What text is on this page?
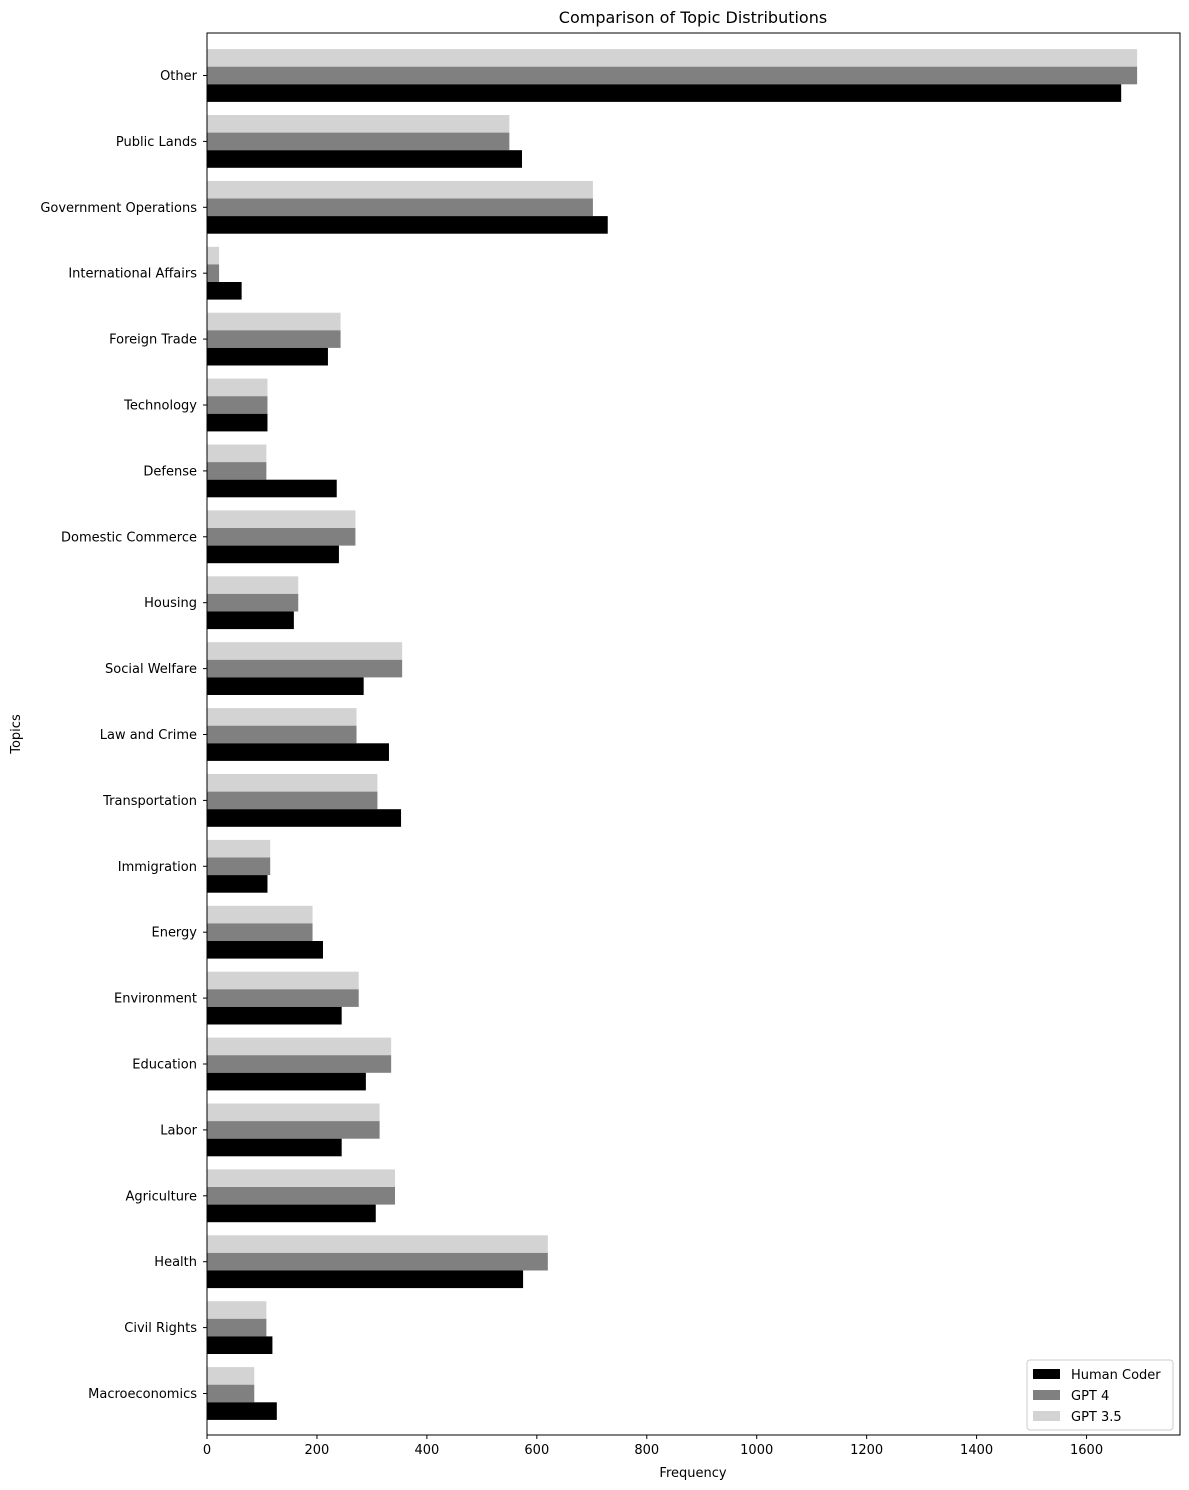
Comparison of Topic Distributions
0	200	400	600	800	1000	1200	1400	1600
Macroeconomics
Civil Rights
Health
Agriculture
Labor
Education
Environment
Energy
Immigration
Transportation
Law and Crime
Social Welfare
Housing
Domestic Commerce
Defense
Technology
Foreign Trade
International Affairs
Government Operations
Public Lands
Other
Frequency
Topics
Human Coder
GPT 4
GPT 3.5
